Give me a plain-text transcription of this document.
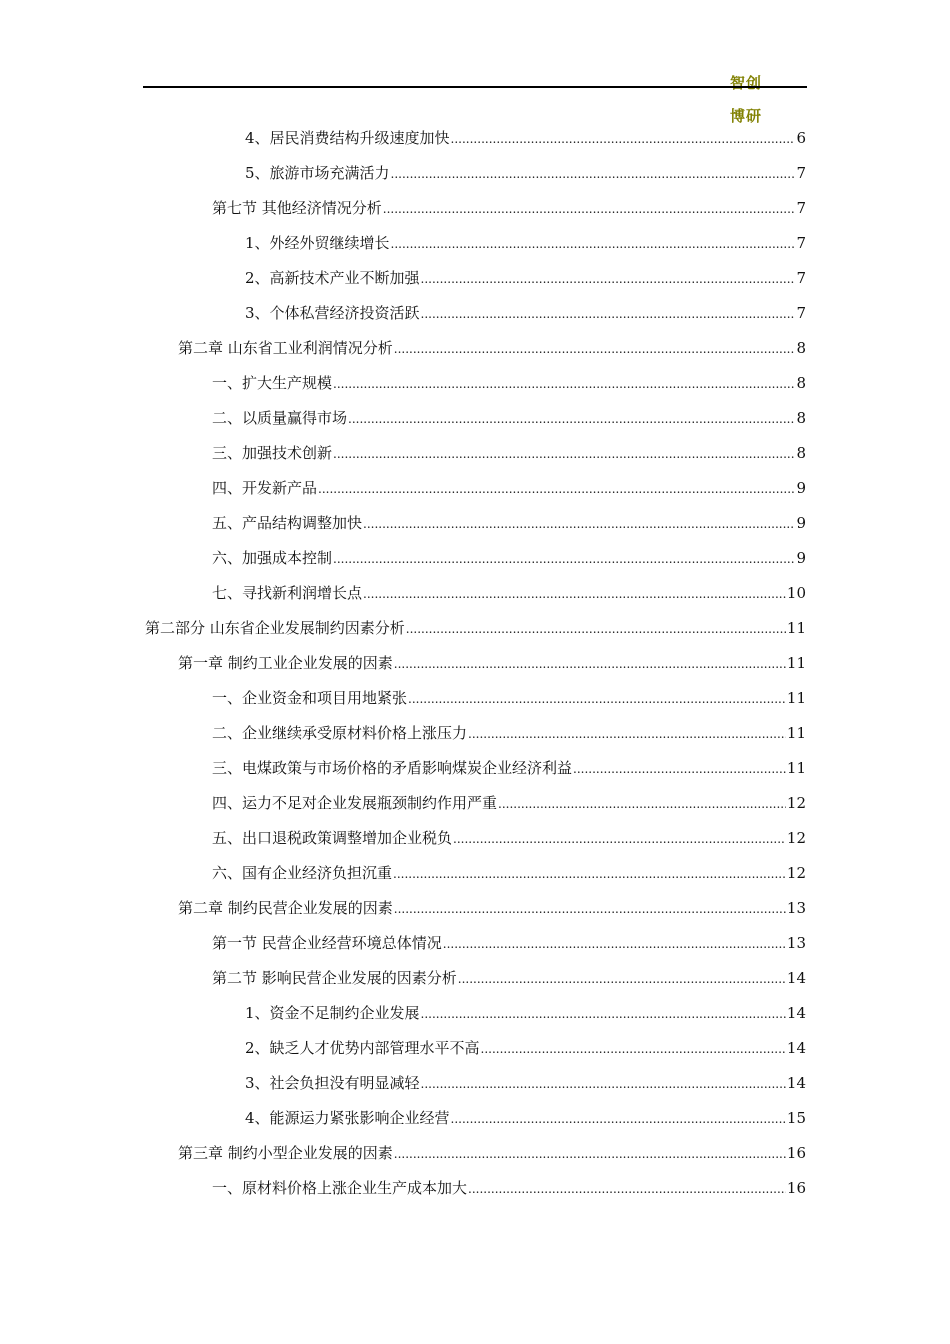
智创
博研
4、居民消费结构升级速度加快 .....	6
5、旅游市场充满活力 .....	7
第七节 其他经济情况分析 .....	7
1、外经外贸继续增长 .....	7
2、高新技术产业不断加强 .....	7
3、个体私营经济投资活跃 .....	7
第二章 山东省工业利润情况分析 .....	8
一、扩大生产规模 .....	8
二、以质量赢得市场 .....	8
三、加强技术创新 .....	8
四、开发新产品 .....	9
五、产品结构调整加快 .....	9
六、加强成本控制 .....	9
七、寻找新利润增长点 .....	10
第二部分 山东省企业发展制约因素分析 .....	11
第一章 制约工业企业发展的因素 .....	11
一、企业资金和项目用地紧张 .....	11
二、企业继续承受原材料价格上涨压力 .....	11
三、电煤政策与市场价格的矛盾影响煤炭企业经济利益 .....	11
四、运力不足对企业发展瓶颈制约作用严重 .....	12
五、出口退税政策调整增加企业税负 .....	12
六、国有企业经济负担沉重 .....	12
第二章 制约民营企业发展的因素 .....	13
第一节 民营企业经营环境总体情况 .....	13
第二节 影响民营企业发展的因素分析 .....	14
1、资金不足制约企业发展 .....	14
2、缺乏人才优势内部管理水平不高 .....	14
3、社会负担没有明显减轻 .....	14
4、能源运力紧张影响企业经营 .....	15
第三章 制约小型企业发展的因素 .....	16
一、原材料价格上涨企业生产成本加大 .....	16
